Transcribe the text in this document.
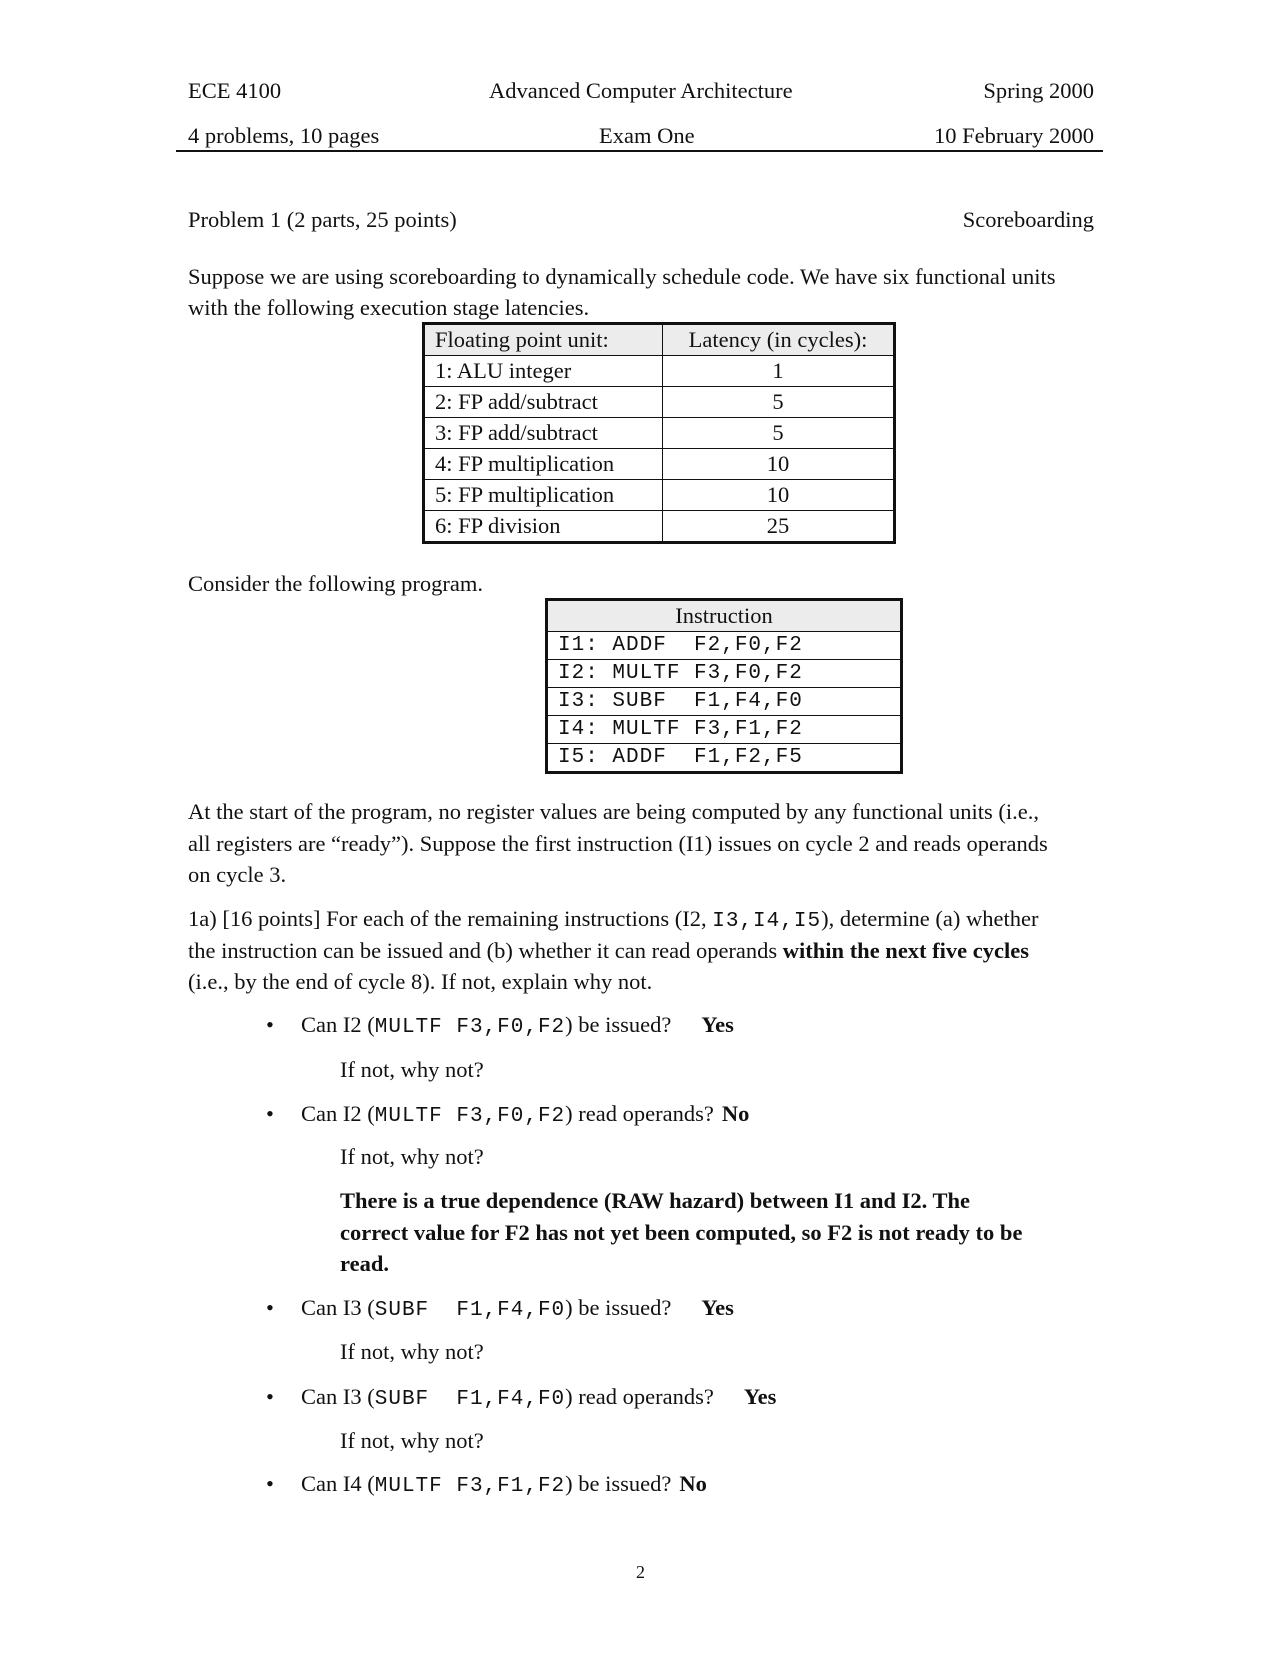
ECE 4100	Advanced Computer Architecture	Spring 2000
4 problems, 10 pages	Exam One	10 February 2000
Problem 1 (2 parts, 25 points)	Scoreboarding
Suppose we are using scoreboarding to dynamically schedule code. We have six functional units
with the following execution stage latencies.
Floating point unit:	Latency (in cycles):
1: ALU integer	1
2: FP add/subtract	5
3: FP add/subtract	5
4: FP multiplication	10
5: FP multiplication	10
6: FP division	25
Consider the following program.
Instruction
I1: ADDF  F2,F0,F2
I2: MULTF F3,F0,F2
I3: SUBF  F1,F4,F0
I4: MULTF F3,F1,F2
I5: ADDF  F1,F2,F5
At the start of the program, no register values are being computed by any functional units (i.e.,
all registers are “ready”). Suppose the first instruction (I1) issues on cycle 2 and reads operands
on cycle 3.
1a) [16 points] For each of the remaining instructions (I2, I3,I4,I5), determine (a) whether
the instruction can be issued and (b) whether it can read operands within the next five cycles
(i.e., by the end of cycle 8). If not, explain why not.
• Can I2 (MULTF F3,F0,F2) be issued? Yes
• Can I2 (MULTF F3,F0,F2) read operands? No
• Can I3 (SUBF  F1,F4,F0) be issued? Yes
• Can I3 (SUBF  F1,F4,F0) read operands? Yes
• Can I4 (MULTF F3,F1,F2) be issued? No
If not, why not?
If not, why not?
There is a true dependence (RAW hazard) between I1 and I2. The
correct value for F2 has not yet been computed, so F2 is not ready to be
read.
If not, why not?
If not, why not?
2
